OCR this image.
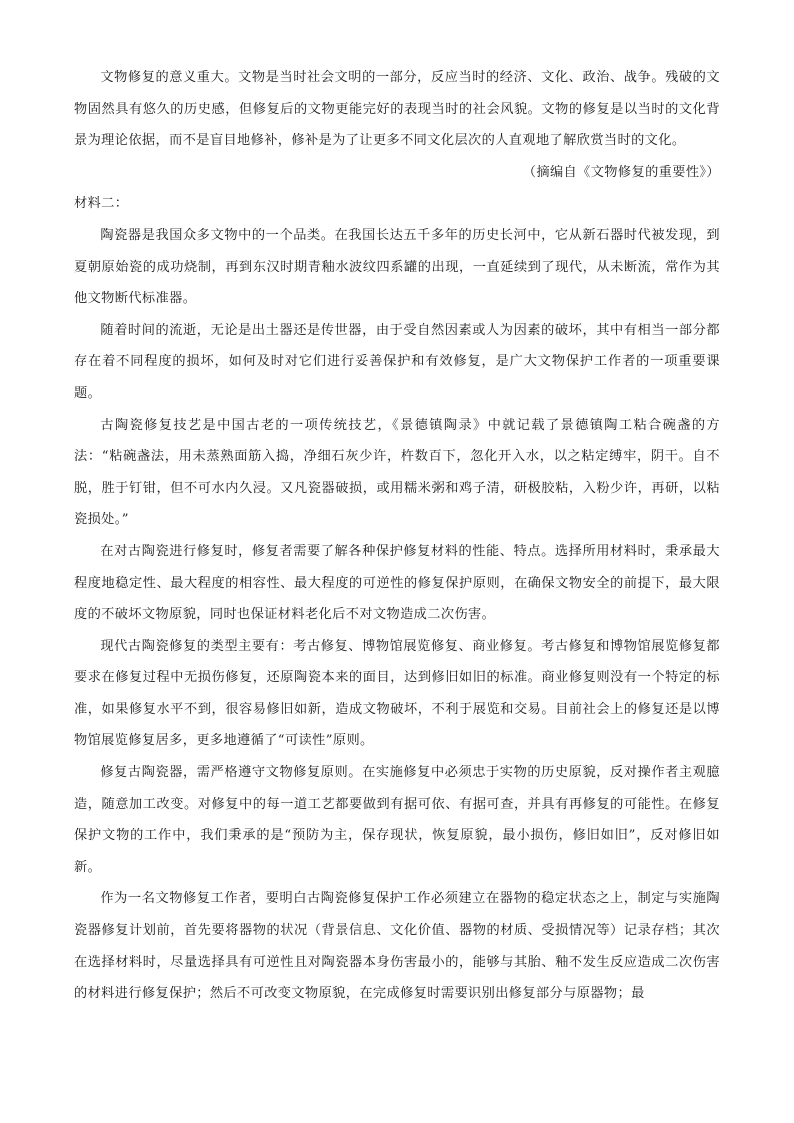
文物修复的意义重大。文物是当时社会文明的一部分，反应当时的经济、文化、政治、战争。残破的文物固然具有悠久的历史感，但修复后的文物更能完好的表现当时的社会风貌。文物的修复是以当时的文化背景为理论依据，而不是盲目地修补，修补是为了让更多不同文化层次的人直观地了解欣赏当时的文化。

（摘编自《文物修复的重要性》）

材料二：

陶瓷器是我国众多文物中的一个品类。在我国长达五千多年的历史长河中，它从新石器时代被发现，到夏朝原始瓷的成功烧制，再到东汉时期青釉水波纹四系罐的出现，一直延续到了现代，从未断流，常作为其他文物断代标准器。

随着时间的流逝，无论是出土器还是传世器，由于受自然因素或人为因素的破坏，其中有相当一部分都存在着不同程度的损坏，如何及时对它们进行妥善保护和有效修复，是广大文物保护工作者的一项重要课题。

古陶瓷修复技艺是中国古老的一项传统技艺，《景德镇陶录》中就记载了景德镇陶工粘合碗盏的方法：“粘碗盏法，用未蒸熟面筋入捣，净细石灰少许，杵数百下，忽化开入水，以之粘定缚牢，阴干。自不脱，胜于钉钳，但不可水内久浸。又凡瓷器破损，或用糯米粥和鸡子清，研极胶粘，入粉少许，再研，以粘瓷损处。”

在对古陶瓷进行修复时，修复者需要了解各种保护修复材料的性能、特点。选择所用材料时，秉承最大程度地稳定性、最大程度的相容性、最大程度的可逆性的修复保护原则，在确保文物安全的前提下，最大限度的不破坏文物原貌，同时也保证材料老化后不对文物造成二次伤害。

现代古陶瓷修复的类型主要有：考古修复、博物馆展览修复、商业修复。考古修复和博物馆展览修复都要求在修复过程中无损伤修复，还原陶瓷本来的面目，达到修旧如旧的标准。商业修复则没有一个特定的标准，如果修复水平不到，很容易修旧如新，造成文物破坏，不利于展览和交易。目前社会上的修复还是以博物馆展览修复居多，更多地遵循了“可读性”原则。

修复古陶瓷器，需严格遵守文物修复原则。在实施修复中必须忠于实物的历史原貌，反对操作者主观臆造，随意加工改变。对修复中的每一道工艺都要做到有据可依、有据可查，并具有再修复的可能性。在修复保护文物的工作中，我们秉承的是“预防为主，保存现状，恢复原貌，最小损伤，修旧如旧”，反对修旧如新。

作为一名文物修复工作者，要明白古陶瓷修复保护工作必须建立在器物的稳定状态之上，制定与实施陶瓷器修复计划前，首先要将器物的状况（背景信息、文化价值、器物的材质、受损情况等）记录存档；其次在选择材料时，尽量选择具有可逆性且对陶瓷器本身伤害最小的，能够与其胎、釉不发生反应造成二次伤害的材料进行修复保护；然后不可改变文物原貌，在完成修复时需要识别出修复部分与原器物；最
